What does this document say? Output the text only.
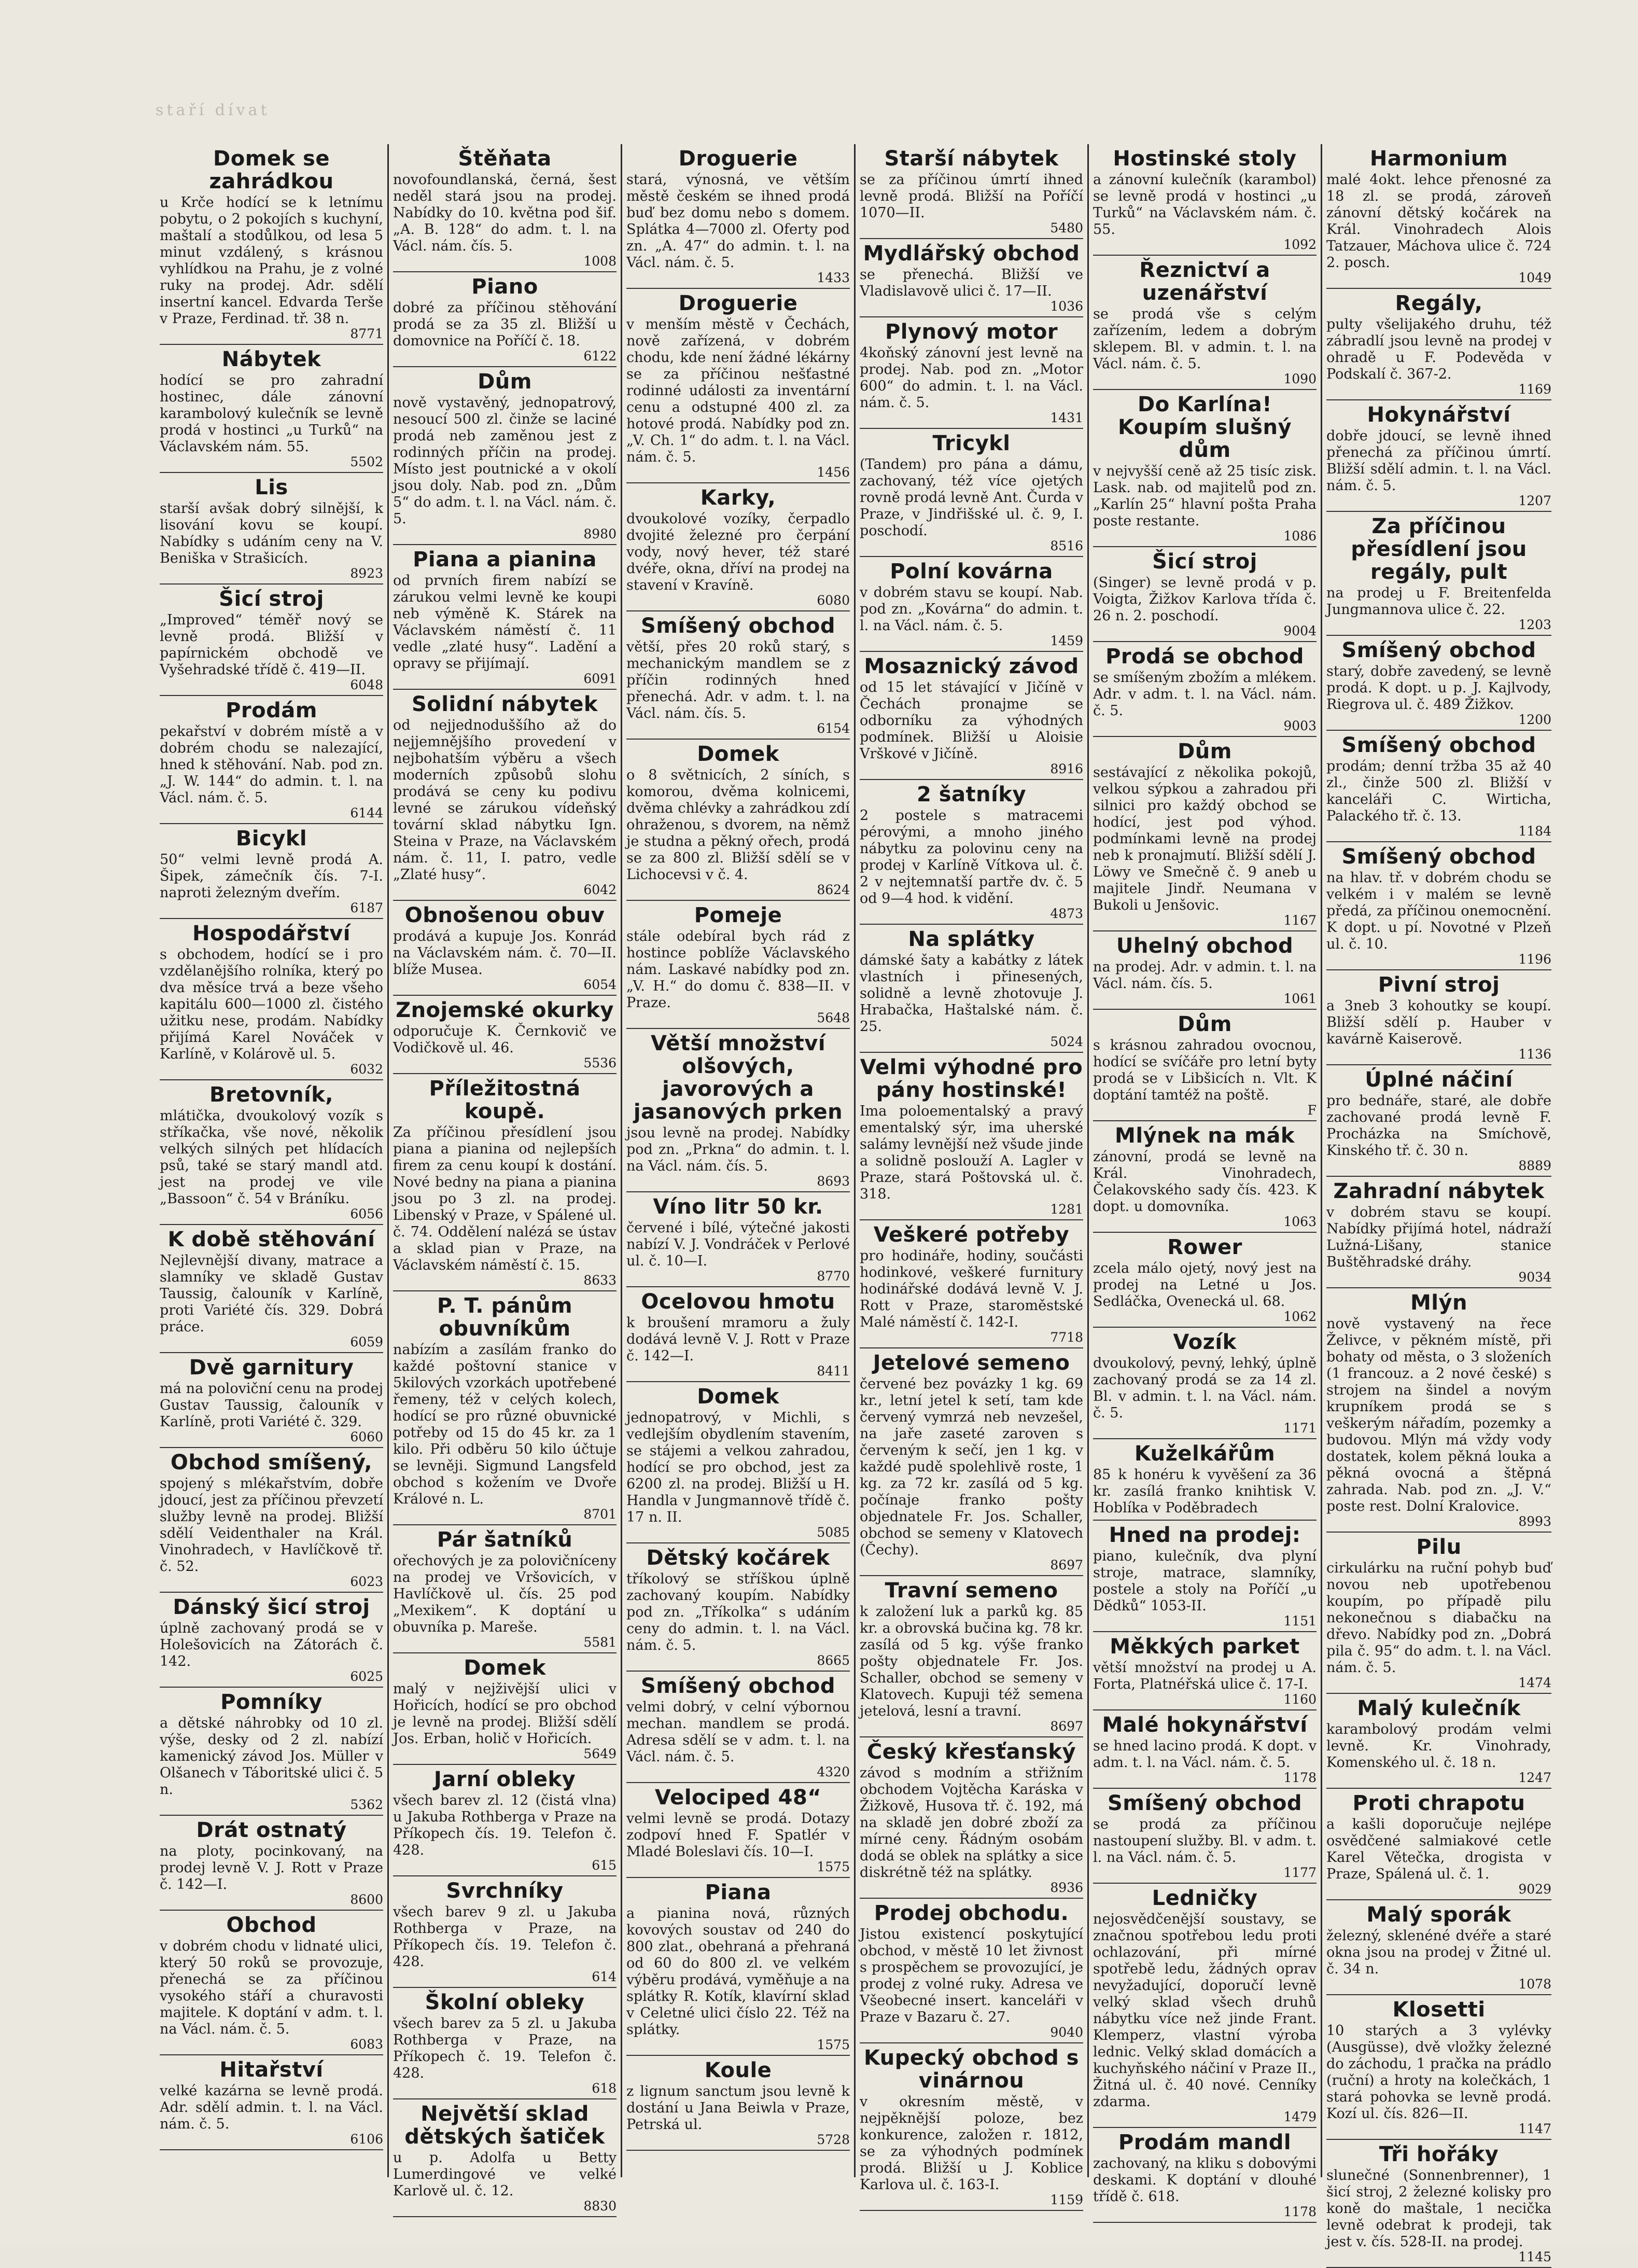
staří dívat
Domek se zahrádkou
u Krče hodící se k letnímu pobytu, o 2 pokojích s kuchyní, maštalí a stodůlkou, od lesa 5 minut vzdálený, s krásnou vyhlídkou na Prahu, je z volné ruky na prodej. Adr. sdělí insertní kancel. Edvarda Terše v Praze, Ferdinad. tř. 38 n.
8771
Nábytek
hodící se pro zahradní hostinec, dále zánovní karambolový kulečník se levně prodá v hostinci „u Turků“ na Václavském nám. 55.
5502
Lis
starší avšak dobrý silnější, k lisování kovu se koupí. Nabídky s udáním ceny na V. Beniška v Strašicích.
8923
Šicí stroj
„Improved“ téměř nový se levně prodá. Bližší v papírnickém obchodě ve Vyšehradské třídě č. 419—II.
6048
Prodám
pekařství v dobrém místě a v dobrém chodu se nalezající, hned k stěhování. Nab. pod zn. „J. W. 144“ do admin. t. l. na Václ. nám. č. 5.
6144
Bicykl
50“ velmi levně prodá A. Šipek, zámečník čís. 7-I. naproti železným dveřím.
6187
Hospodářství
s obchodem, hodící se i pro vzdělanějšího rolníka, který po dva měsíce trvá a beze všeho kapitálu 600—1000 zl. čistého užitku nese, prodám. Nabídky přijímá Karel Nováček v Karlíně, v Kolárově ul. 5.
6032
Bretovník,
mlátička, dvoukolový vozík s stříkačka, vše nové, několik velkých silných pet hlídacích psů, také se starý mandl atd. jest na prodej ve vile „Bassoon“ č. 54 v Bráníku.
6056
K době stěhování
Nejlevnější divany, matrace a slamníky ve skladě Gustav Taussig, čalouník v Karlíně, proti Variété čís. 329. Dobrá práce.
6059
Dvě garnitury
má na poloviční cenu na prodej Gustav Taussig, čalouník v Karlíně, proti Variété č. 329.
6060
Obchod smíšený,
spojený s mlékařstvím, dobře jdoucí, jest za příčinou převzetí služby levně na prodej. Bližší sdělí Veidenthaler na Král. Vinohradech, v Havlíčkově tř. č. 52.
6023
Dánský šicí stroj
úplně zachovaný prodá se v Holešovicích na Zátorách č. 142.
6025
Pomníky
a dětské náhrobky od 10 zl. výše, desky od 2 zl. nabízí kamenický závod Jos. Müller v Olšanech v Táboritské ulici č. 5 n.
5362
Drát ostnatý
na ploty, pocinkovaný, na prodej levně V. J. Rott v Praze č. 142—I.
8600
Obchod
v dobrém chodu v lidnaté ulici, který 50 roků se provozuje, přenechá se za příčinou vysokého stáří a churavosti majitele. K doptání v adm. t. l. na Václ. nám. č. 5.
6083
Hitařství
velké kazárna se levně prodá. Adr. sdělí admin. t. l. na Václ. nám. č. 5.
6106
Štěňata
novofoundlanská, černá, šest neděl stará jsou na prodej. Nabídky do 10. května pod šif. „A. B. 128“ do adm. t. l. na Václ. nám. čís. 5.
1008
Piano
dobré za příčinou stěhování prodá se za 35 zl. Bližší u domovnice na Poříčí č. 18.
6122
Dům
nově vystavěný, jednopatrový, nesoucí 500 zl. činže se laciné prodá neb zaměnou jest z rodinných příčin na prodej. Místo jest poutnické a v okolí jsou doly. Nab. pod zn. „Dům 5“ do adm. t. l. na Václ. nám. č. 5.
8980
Piana a pianina
od prvních firem nabízí se zárukou velmi levně ke koupi neb výměně K. Stárek na Václavském náměstí č. 11 vedle „zlaté husy“. Ladění a opravy se přijímají.
6091
Solidní nábytek
od nejjednoduššího až do nejjemnějšího provedení v nejbohatším výběru a všech moderních způsobů slohu prodává se ceny ku podivu levné se zárukou vídeňský tovární sklad nábytku Ign. Steina v Praze, na Václavském nám. č. 11, I. patro, vedle „Zlaté husy“.
6042
Obnošenou obuv
prodává a kupuje Jos. Konrád na Václavském nám. č. 70—II. blíže Musea.
6054
Znojemské okurky
odporučuje K. Černkovič ve Vodičkově ul. 46.
5536
Příležitostná koupě.
Za příčinou přesídlení jsou piana a pianina od nejlepších firem za cenu koupí k dostání. Nové bedny na piana a pianina jsou po 3 zl. na prodej. Libenský v Praze, v Spálené ul. č. 74. Oddělení nalézá se ústav a sklad pian v Praze, na Václavském náměstí č. 15.
8633
P. T. pánům obuvníkům
nabízím a zasílám franko do každé poštovní stanice v 5kilových vzorkách upotřebené řemeny, též v celých kolech, hodící se pro různé obuvnické potřeby od 15 do 45 kr. za 1 kilo. Při odběru 50 kilo účtuje se levněji. Sigmund Langsfeld obchod s kožením ve Dvoře Králové n. L.
8701
Pár šatníků
ořechových je za polovičníceny na prodej ve Vršovicích, v Havlíčkově ul. čís. 25 pod „Mexikem“. K doptání u obuvníka p. Mareše.
5581
Domek
malý v nejživější ulici v Hořicích, hodící se pro obchod je levně na prodej. Bližší sdělí Jos. Erban, holič v Hořicích.
5649
Jarní obleky
všech barev zl. 12 (čistá vlna) u Jakuba Rothberga v Praze na Příkopech čís. 19. Telefon č. 428.
615
Svrchníky
všech barev 9 zl. u Jakuba Rothberga v Praze, na Příkopech čís. 19. Telefon č. 428.
614
Školní obleky
všech barev za 5 zl. u Jakuba Rothberga v Praze, na Příkopech č. 19. Telefon č. 428.
618
Největší sklad dětských šatiček
u p. Adolfa u Betty Lumerdingové ve velké Karlově ul. č. 12.
8830
Droguerie
stará, výnosná, ve větším městě českém se ihned prodá buď bez domu nebo s domem. Splátka 4—7000 zl. Oferty pod zn. „A. 47“ do admin. t. l. na Václ. nám. č. 5.
1433
Droguerie
v menším městě v Čechách, nově zařízená, v dobrém chodu, kde není žádné lékárny se za příčinou nešťastné rodinné události za inventární cenu a odstupné 400 zl. za hotové prodá. Nabídky pod zn. „V. Ch. 1“ do adm. t. l. na Václ. nám. č. 5.
1456
Karky,
dvoukolové vozíky, čerpadlo dvojité železné pro čerpání vody, nový hever, též staré dvéře, okna, dříví na prodej na stavení v Kravíně.
6080
Smíšený obchod
větší, přes 20 roků starý, s mechanickým mandlem se z příčin rodinných hned přenechá. Adr. v adm. t. l. na Václ. nám. čís. 5.
6154
Domek
o 8 světnicích, 2 síních, s komorou, dvěma kolnicemi, dvěma chlévky a zahrádkou zdí ohraženou, s dvorem, na němž je studna a pěkný ořech, prodá se za 800 zl. Bližší sdělí se v Lichocevsi v č. 4.
8624
Pomeje
stále odebíral bych rád z hostince poblíže Václavského nám. Laskavé nabídky pod zn. „V. H.“ do domu č. 838—II. v Praze.
5648
Větší množství olšových, javorových a jasanových prken
jsou levně na prodej. Nabídky pod zn. „Prkna“ do admin. t. l. na Václ. nám. čís. 5.
8693
Víno litr 50 kr.
červené i bílé, výtečné jakosti nabízí V. J. Vondráček v Perlové ul. č. 10—I.
8770
Ocelovou hmotu
k broušení mramoru a žuly dodává levně V. J. Rott v Praze č. 142—I.
8411
Domek
jednopatrový, v Michli, s vedlejším obydlením stavením, se stájemi a velkou zahradou, hodící se pro obchod, jest za 6200 zl. na prodej. Bližší u H. Handla v Jungmannově třídě č. 17 n. II.
5085
Dětský kočárek
tříkolový se stříškou úplně zachovaný koupím. Nabídky pod zn. „Tříkolka“ s udáním ceny do admin. t. l. na Václ. nám. č. 5.
8665
Smíšený obchod
velmi dobrý, v celní výbornou mechan. mandlem se prodá. Adresa sdělí se v adm. t. l. na Václ. nám. č. 5.
4320
Velociped 48“
velmi levně se prodá. Dotazy zodpoví hned F. Spatlér v Mladé Boleslavi čís. 10—I.
1575
Piana
a pianina nová, různých kovových soustav od 240 do 800 zlat., obehraná a přehraná od 60 do 800 zl. ve velkém výběru prodává, vyměňuje a na splátky R. Kotík, klavírní sklad v Celetné ulici číslo 22. Též na splátky.
1575
Koule
z lignum sanctum jsou levně k dostání u Jana Beiwla v Praze, Petrská ul.
5728
Starší nábytek
se za příčinou úmrtí ihned levně prodá. Bližší na Poříčí 1070—II.
5480
Mydlářský obchod
se přenechá. Bližší ve Vladislavově ulici č. 17—II.
1036
Plynový motor
4koňský zánovní jest levně na prodej. Nab. pod zn. „Motor 600“ do admin. t. l. na Václ. nám. č. 5.
1431
Tricykl
(Tandem) pro pána a dámu, zachovaný, též více ojetých rovně prodá levně Ant. Čurda v Praze, v Jindřišské ul. č. 9, I. poschodí.
8516
Polní kovárna
v dobrém stavu se koupí. Nab. pod zn. „Kovárna“ do admin. t. l. na Václ. nám. č. 5.
1459
Mosaznický závod
od 15 let stávající v Jičíně v Čechách pronajme se odborníku za výhodných podmínek. Bližší u Aloisie Vrškové v Jičíně.
8916
2 šatníky
2 postele s matracemi pérovými, a mnoho jiného nábytku za polovinu ceny na prodej v Karlíně Vítkova ul. č. 2 v nejtemnatší partře dv. č. 5 od 9—4 hod. k vidění.
4873
Na splátky
dámské šaty a kabátky z látek vlastních i přinesených, solidně a levně zhotovuje J. Hrabačka, Haštalské nám. č. 25.
5024
Velmi výhodné pro pány hostinské!
Ima poloementalský a pravý ementalský sýr, ima uherské salámy levnější než všude jinde a solidně poslouží A. Lagler v Praze, stará Poštovská ul. č. 318.
1281
Veškeré potřeby
pro hodináře, hodiny, součásti hodinkové, veškeré furnitury hodinářské dodává levně V. J. Rott v Praze, staroměstské Malé náměstí č. 142-I.
7718
Jetelové semeno
červené bez povázky 1 kg. 69 kr., letní jetel k setí, tam kde červený vymrzá neb nevzešel, na jaře zaseté zaroven s červeným k sečí, jen 1 kg. v každé pudě spolehlivě roste, 1 kg. za 72 kr. zasílá od 5 kg. počínaje franko pošty objednatele Fr. Jos. Schaller, obchod se semeny v Klatovech (Čechy).
8697
Travní semeno
k založení luk a parků kg. 85 kr. a obrovská bučina kg. 78 kr. zasílá od 5 kg. výše franko pošty objednatele Fr. Jos. Schaller, obchod se semeny v Klatovech. Kupuji též semena jetelová, lesní a travní.
8697
Český křesťanský
závod s modním a střižním obchodem Vojtěcha Karáska v Žižkově, Husova tř. č. 192, má na skladě jen dobré zboží za mírné ceny. Řádným osobám dodá se oblek na splátky a sice diskrétně též na splátky.
8936
Prodej obchodu.
Jistou existencí poskytující obchod, v městě 10 let živnost s prospěchem se provozující, je prodej z volné ruky. Adresa ve Všeobecné insert. kanceláři v Praze v Bazaru č. 27.
9040
Kupecký obchod s vinárnou
v okresním městě, v nejpěknější poloze, bez konkurence, založen r. 1812, se za výhodných podmínek prodá. Bližší u J. Koblice Karlova ul. č. 163-I.
1159
Hostinské stoly
a zánovní kulečník (karambol) se levně prodá v hostinci „u Turků“ na Václavském nám. č. 55.
1092
Řeznictví a uzenářství
se prodá vše s celým zařízením, ledem a dobrým sklepem. Bl. v admin. t. l. na Václ. nám. č. 5.
1090
Do Karlína! Koupím slušný dům
v nejvyšší ceně až 25 tisíc zisk. Lask. nab. od majitelů pod zn. „Karlín 25“ hlavní pošta Praha poste restante.
1086
Šicí stroj
(Singer) se levně prodá v p. Voigta, Žižkov Karlova třída č. 26 n. 2. poschodí.
9004
Prodá se obchod
se smíšeným zbožím a mlékem. Adr. v adm. t. l. na Václ. nám. č. 5.
9003
Dům
sestávající z několika pokojů, velkou sýpkou a zahradou při silnici pro každý obchod se hodící, jest pod výhod. podmínkami levně na prodej neb k pronajmutí. Bližší sdělí J. Löwy ve Smečně č. 9 aneb u majitele Jindř. Neumana v Bukoli u Jenšovic.
1167
Uhelný obchod
na prodej. Adr. v admin. t. l. na Václ. nám. čís. 5.
1061
Dům
s krásnou zahradou ovocnou, hodící se svíčáře pro letní byty prodá se v Libšicích n. Vlt. K doptání tamtéž na poště.
F
Mlýnek na mák
zánovní, prodá se levně na Král. Vinohradech, Čelakovského sady čís. 423. K dopt. u domovníka.
1063
Rower
zcela málo ojetý, nový jest na prodej na Letné u Jos. Sedláčka, Ovenecká ul. 68.
1062
Vozík
dvoukolový, pevný, lehký, úplně zachovaný prodá se za 14 zl. Bl. v admin. t. l. na Václ. nám. č. 5.
1171
Kuželkářům
85 k honéru k vyvěšení za 36 kr. zasílá franko knihtisk V. Hoblíka v Poděbradech
Hned na prodej:
piano, kulečník, dva plyní stroje, matrace, slamníky, postele a stoly na Poříčí „u Dědků“ 1053-II.
1151
Měkkých parket
větší množství na prodej u A. Forta, Platnéřská ulice č. 17-I.
1160
Malé hokynářství
se hned lacino prodá. K dopt. v adm. t. l. na Václ. nám. č. 5.
1178
Smíšený obchod
se prodá za příčinou nastoupení služby. Bl. v adm. t. l. na Václ. nám. č. 5.
1177
Ledničky
nejosvědčenější soustavy, se značnou spotřebou ledu proti ochlazování, při mírné spotřebě ledu, žádných oprav nevyžadující, doporučí levně velký sklad všech druhů nábytku více než jinde Frant. Klemperz, vlastní výroba lednic. Velký sklad domácích a kuchyňského náčiní v Praze II., Žitná ul. č. 40 nové. Cenníky zdarma.
1479
Prodám mandl
zachovaný, na kliku s dobovými deskami. K doptání v dlouhé třídě č. 618.
1178
Harmonium
malé 4okt. lehce přenosné za 18 zl. se prodá, zároveň zánovní dětský kočárek na Král. Vinohradech Alois Tatzauer, Máchova ulice č. 724 2. posch.
1049
Regály,
pulty všelijakého druhu, též zábradlí jsou levně na prodej v ohradě u F. Podevěda v Podskalí č. 367-2.
1169
Hokynářství
dobře jdoucí, se levně ihned přenechá za příčinou úmrtí. Bližší sdělí admin. t. l. na Václ. nám. č. 5.
1207
Za příčinou přesídlení jsou regály, pult
na prodej u F. Breitenfelda Jungmannova ulice č. 22.
1203
Smíšený obchod
starý, dobře zavedený, se levně prodá. K dopt. u p. J. Kajlvody, Riegrova ul. č. 489 Žižkov.
1200
Smíšený obchod
prodám; denní tržba 35 až 40 zl., činže 500 zl. Bližší v kanceláři C. Wirticha, Palackého tř. č. 13.
1184
Smíšený obchod
na hlav. tř. v dobrém chodu se velkém i v malém se levně předá, za příčinou onemocnění. K dopt. u pí. Novotné v Plzeň ul. č. 10.
1196
Pivní stroj
a 3neb 3 kohoutky se koupí. Bližší sdělí p. Hauber v kavárně Kaiserově.
1136
Úplné náčiní
pro bednáře, staré, ale dobře zachované prodá levně F. Procházka na Smíchově, Kinského tř. č. 30 n.
8889
Zahradní nábytek
v dobrém stavu se koupí. Nabídky přijímá hotel, nádraží Lužná-Lišany, stanice Buštěhradské dráhy.
9034
Mlýn
nově vystavený na řece Želivce, v pěkném místě, při bohaty od města, o 3 složeních (1 francouz. a 2 nové české) s strojem na šindel a novým krupníkem prodá se s veškerým nářadím, pozemky a budovou. Mlýn má vždy vody dostatek, kolem pěkná louka a pěkná ovocná a štěpná zahrada. Nab. pod zn. „J. V.“ poste rest. Dolní Kralovice.
8993
Pilu
cirkulárku na ruční pohyb buď novou neb upotřebenou koupím, po případě pilu nekonečnou s diabačku na dřevo. Nabídky pod zn. „Dobrá pila č. 95“ do adm. t. l. na Václ. nám. č. 5.
1474
Malý kulečník
karambolový prodám velmi levně. Kr. Vinohrady, Komenského ul. č. 18 n.
1247
Proti chrapotu
a kašli doporučuje nejlépe osvědčené salmiakové cetle Karel Větečka, drogista v Praze, Spálená ul. č. 1.
9029
Malý sporák
železný, sklenéné dvéře a staré okna jsou na prodej v Žitné ul. č. 34 n.
1078
Klosetti
10 starých a 3 vylévky (Ausgüsse), dvě vložky železné do záchodu, 1 pračka na prádlo (ruční) a hroty na kolečkách, 1 stará pohovka se levně prodá. Kozí ul. čís. 826—II.
1147
Tři hořáky
slunečné (Sonnenbrenner), 1 šicí stroj, 2 železné kolisky pro koně do maštale, 1 necička levně odebrat k prodeji, tak jest v. čís. 528-II. na prodej.
1145
